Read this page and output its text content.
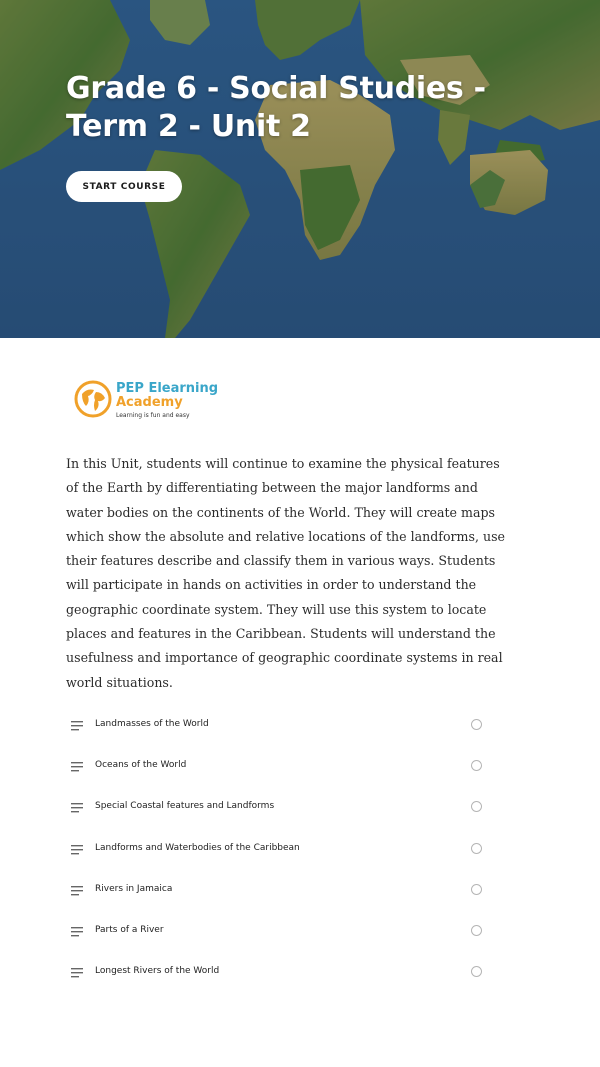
Grade 6 - Social Studies - Term 2 - Unit 2
START COURSE
PEP Elearning
Academy
Learning is fun and easy

In this Unit, students will continue to examine the physical features of the Earth by differentiating between the major landforms and water bodies on the continents of the World. They will create maps which show the absolute and relative locations of the landforms, use their features describe and classify them in various ways. Students will participate in hands on activities in order to understand the geographic coordinate system. They will use this system to locate places and features in the Caribbean. Students will understand the usefulness and importance of geographic coordinate systems in real world situations.

Landmasses of the World
Oceans of the World
Special Coastal features and Landforms
Landforms and Waterbodies of the Caribbean
Rivers in Jamaica
Parts of a River
Longest Rivers of the World
